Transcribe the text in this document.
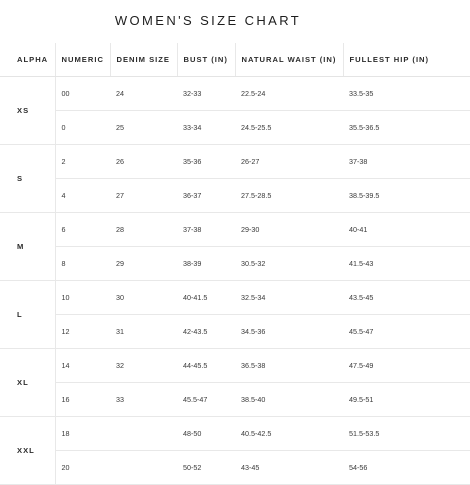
WOMEN'S SIZE CHART
ALPHA	NUMERIC	DENIM SIZE	BUST (IN)	NATURAL WAIST (IN)	FULLEST HIP (IN)
XS	00	24	32-33	22.5-24	33.5-35
	0	25	33-34	24.5-25.5	35.5-36.5
S	2	26	35-36	26-27	37-38
	4	27	36-37	27.5-28.5	38.5-39.5
M	6	28	37-38	29-30	40-41
	8	29	38-39	30.5-32	41.5-43
L	10	30	40-41.5	32.5-34	43.5-45
	12	31	42-43.5	34.5-36	45.5-47
XL	14	32	44-45.5	36.5-38	47.5-49
	16	33	45.5-47	38.5-40	49.5-51
XXL	18		48-50	40.5-42.5	51.5-53.5
	20		50-52	43-45	54-56
